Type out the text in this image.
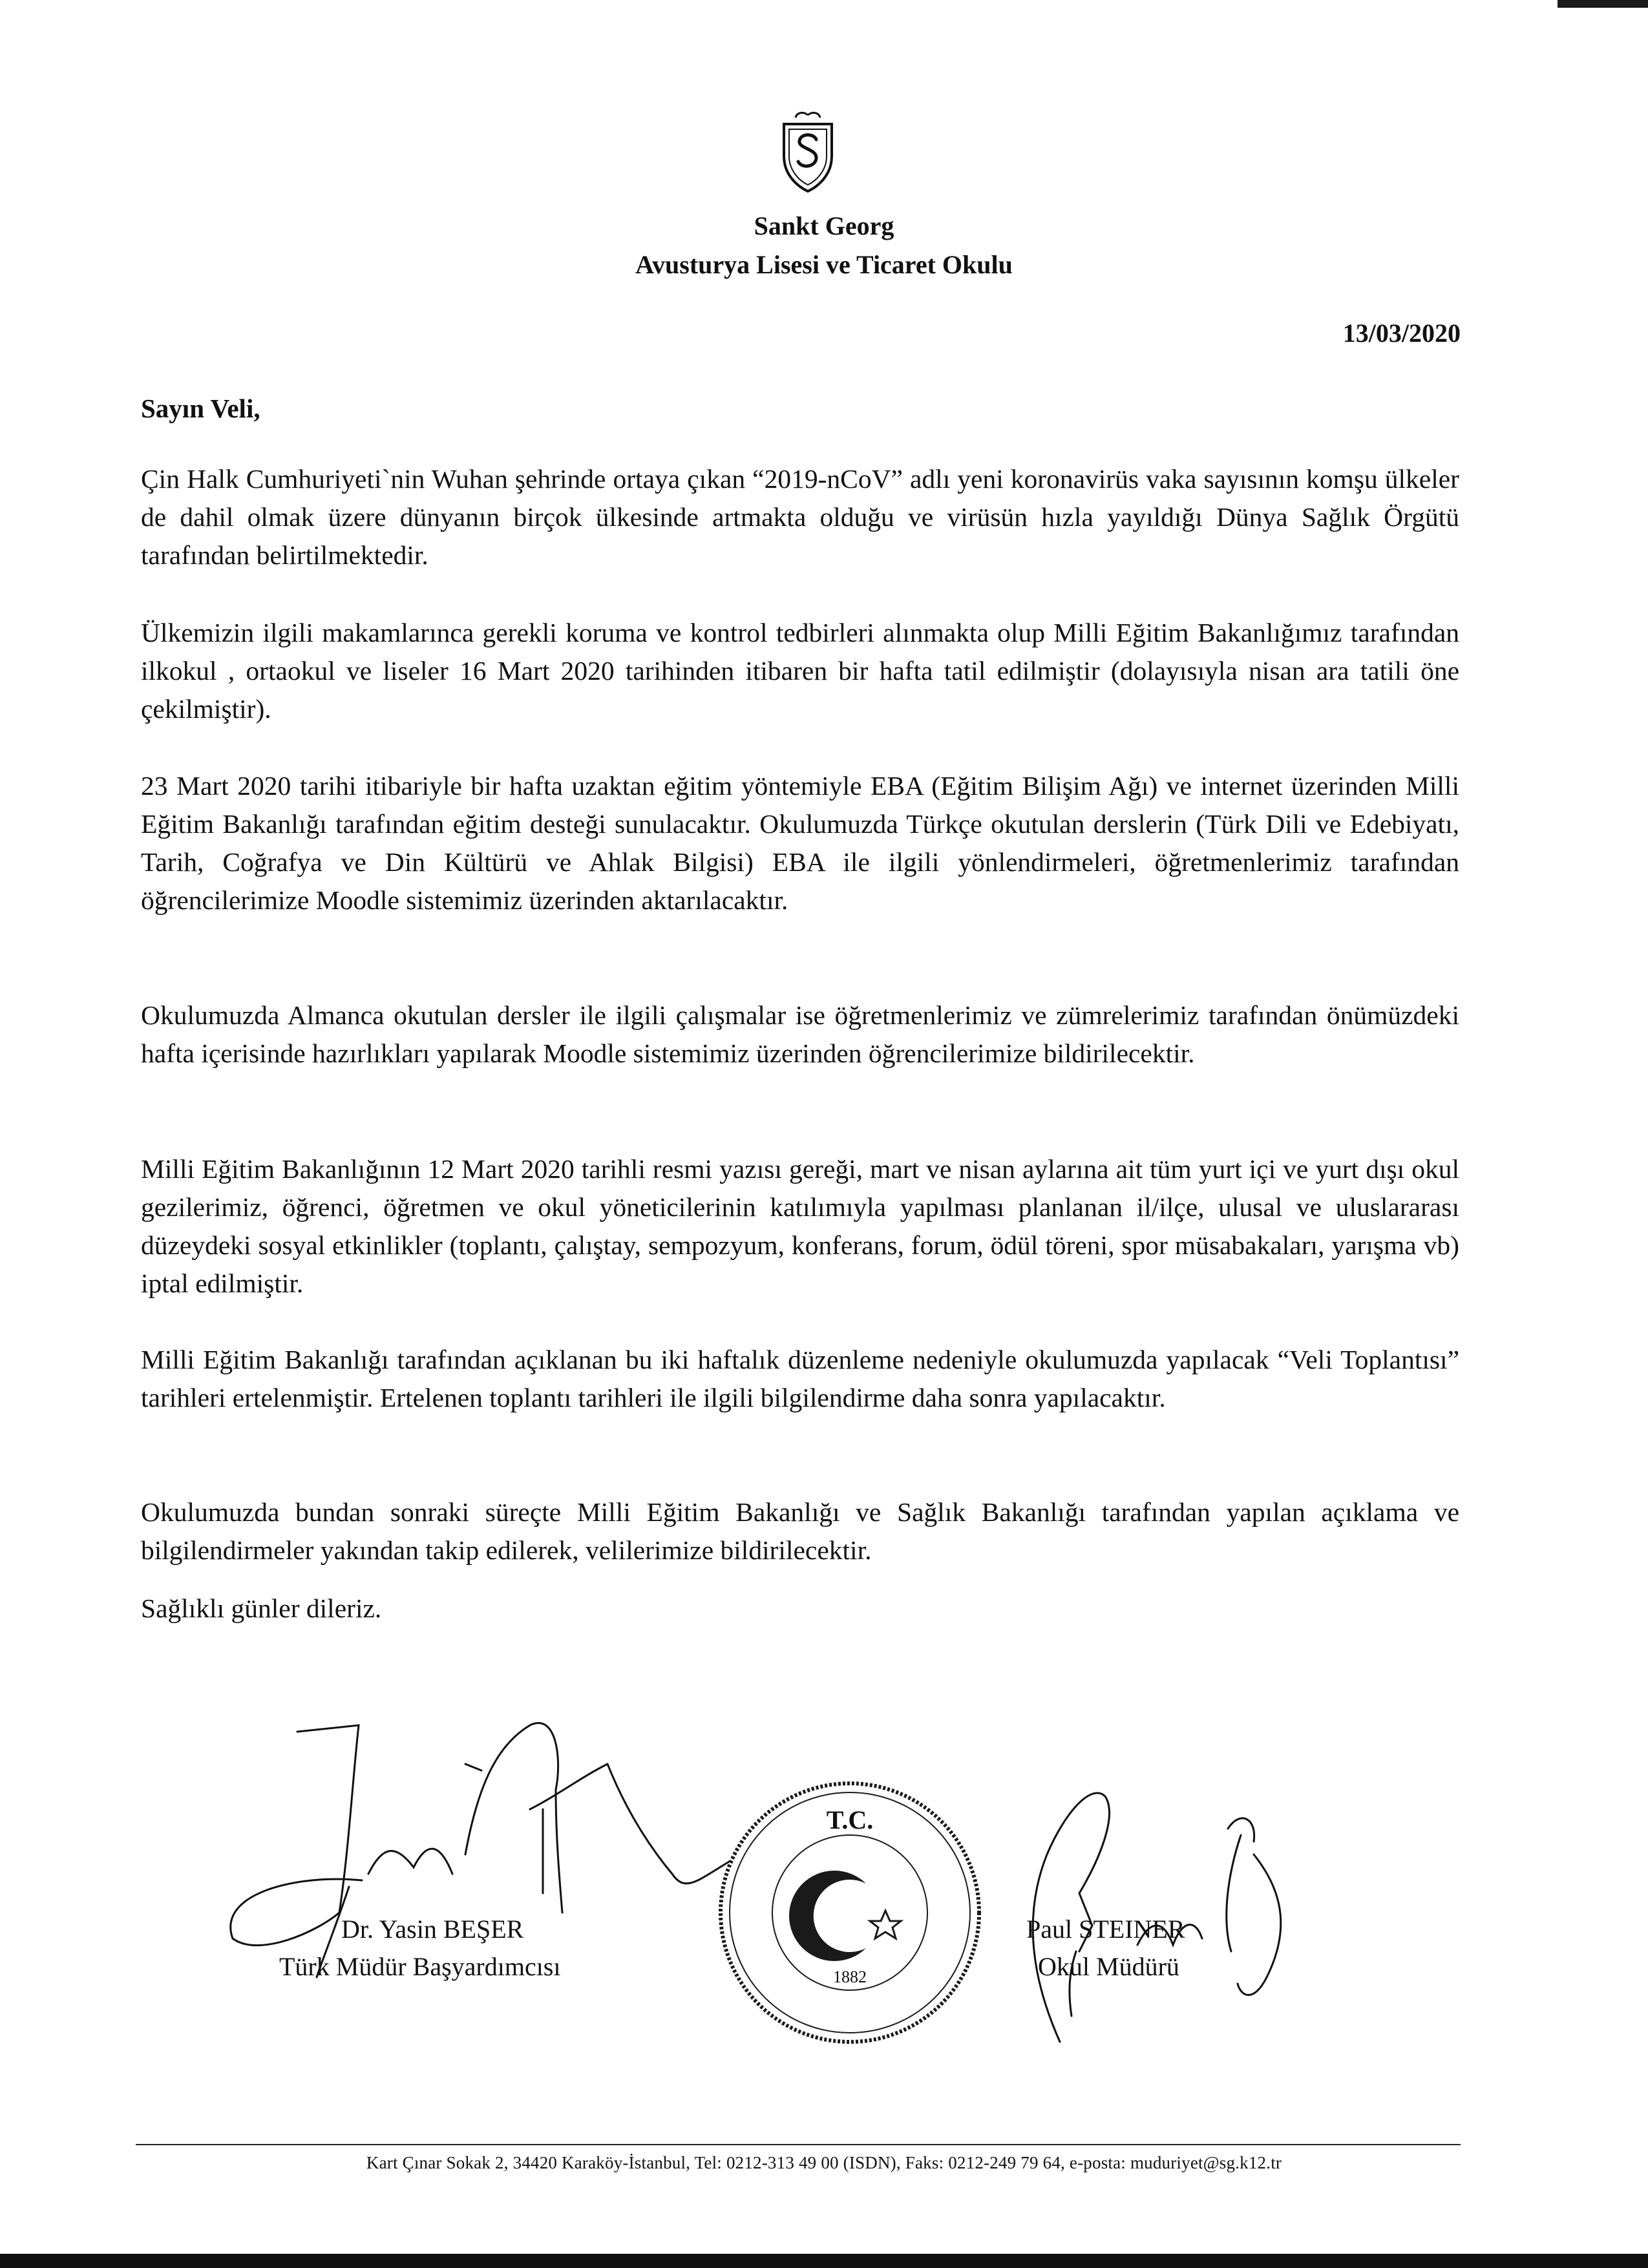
Sankt Georg
Avusturya Lisesi ve Ticaret Okulu
13/03/2020
Sayın Veli,

Çin Halk Cumhuriyeti`nin Wuhan şehrinde ortaya çıkan “2019-nCoV” adlı yeni koronavirüs vaka sayısının komşu ülkeler de dahil olmak üzere dünyanın birçok ülkesinde artmakta olduğu ve virüsün hızla yayıldığı Dünya Sağlık Örgütü tarafından belirtilmektedir.

Ülkemizin ilgili makamlarınca gerekli koruma ve kontrol tedbirleri alınmakta olup Milli Eğitim Bakanlığımız tarafından ilkokul , ortaokul ve liseler 16 Mart 2020 tarihinden itibaren bir hafta tatil edilmiştir (dolayısıyla nisan ara tatili öne çekilmiştir).

23 Mart 2020 tarihi itibariyle bir hafta uzaktan eğitim yöntemiyle EBA (Eğitim Bilişim Ağı) ve internet üzerinden Milli Eğitim Bakanlığı tarafından eğitim desteği sunulacaktır. Okulumuzda Türkçe okutulan derslerin (Türk Dili ve Edebiyatı, Tarih, Coğrafya ve Din Kültürü ve Ahlak Bilgisi) EBA ile ilgili yönlendirmeleri, öğretmenlerimiz tarafından öğrencilerimize Moodle sistemimiz üzerinden aktarılacaktır.

Okulumuzda Almanca okutulan dersler ile ilgili çalışmalar ise öğretmenlerimiz ve zümrelerimiz tarafından önümüzdeki hafta içerisinde hazırlıkları yapılarak Moodle sistemimiz üzerinden öğrencilerimize bildirilecektir.

Milli Eğitim Bakanlığının 12 Mart 2020 tarihli resmi yazısı gereği, mart ve nisan aylarına ait tüm yurt içi ve yurt dışı okul gezilerimiz, öğrenci, öğretmen ve okul yöneticilerinin katılımıyla yapılması planlanan il/ilçe, ulusal ve uluslararası düzeydeki sosyal etkinlikler (toplantı, çalıştay, sempozyum, konferans, forum, ödül töreni, spor müsabakaları, yarışma vb) iptal edilmiştir.

Milli Eğitim Bakanlığı tarafından açıklanan bu iki haftalık düzenleme nedeniyle okulumuzda yapılacak “Veli Toplantısı” tarihleri ertelenmiştir. Ertelenen toplantı tarihleri ile ilgili bilgilendirme daha sonra yapılacaktır.

Okulumuzda bundan sonraki süreçte Milli Eğitim Bakanlığı ve Sağlık Bakanlığı tarafından yapılan açıklama ve bilgilendirmeler yakından takip edilerek, velilerimize bildirilecektir.

Sağlıklı günler dileriz.

Dr. Yasin BEŞER
Türk Müdür Başyardımcısı
T.C.
1882
Paul STEINER
Okul Müdürü
Kart Çınar Sokak 2, 34420 Karaköy-İstanbul, Tel: 0212-313 49 00 (ISDN), Faks: 0212-249 79 64, e-posta: muduriyet@sg.k12.tr
